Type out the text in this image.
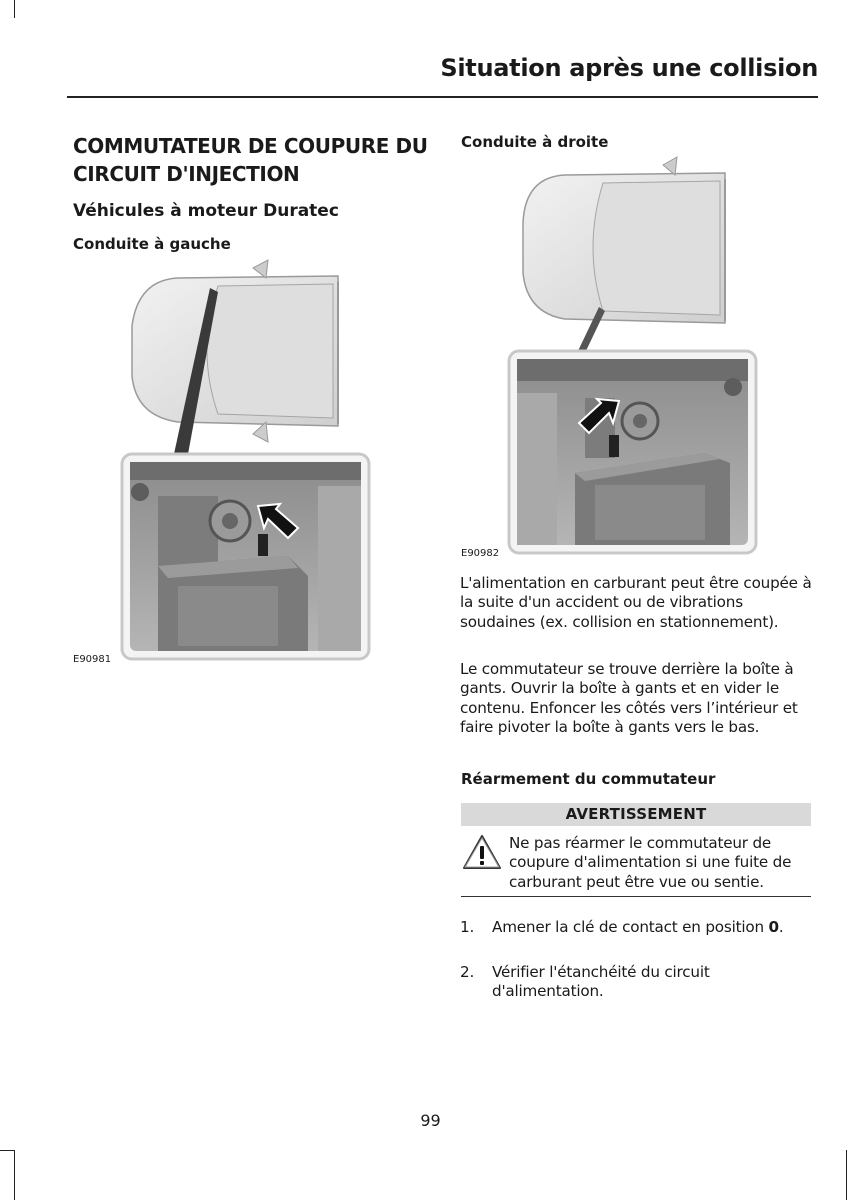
Situation après une collision
COMMUTATEUR DE COUPURE DU CIRCUIT D'INJECTION
Véhicules à moteur Duratec
Conduite à gauche
E90981
Conduite à droite
E90982
L'alimentation en carburant peut être coupée à la suite d'un accident ou de vibrations soudaines (ex. collision en stationnement).
Le commutateur se trouve derrière la boîte à gants. Ouvrir la boîte à gants et en vider le contenu. Enfoncer les côtés vers l’intérieur et faire pivoter la boîte à gants vers le bas.
Réarmement du commutateur
AVERTISSEMENT
Ne pas réarmer le commutateur de coupure d'alimentation si une fuite de carburant peut être vue ou sentie.
1. Amener la clé de contact en position 0.
2. Vérifier l'étanchéité du circuit d'alimentation.
99
